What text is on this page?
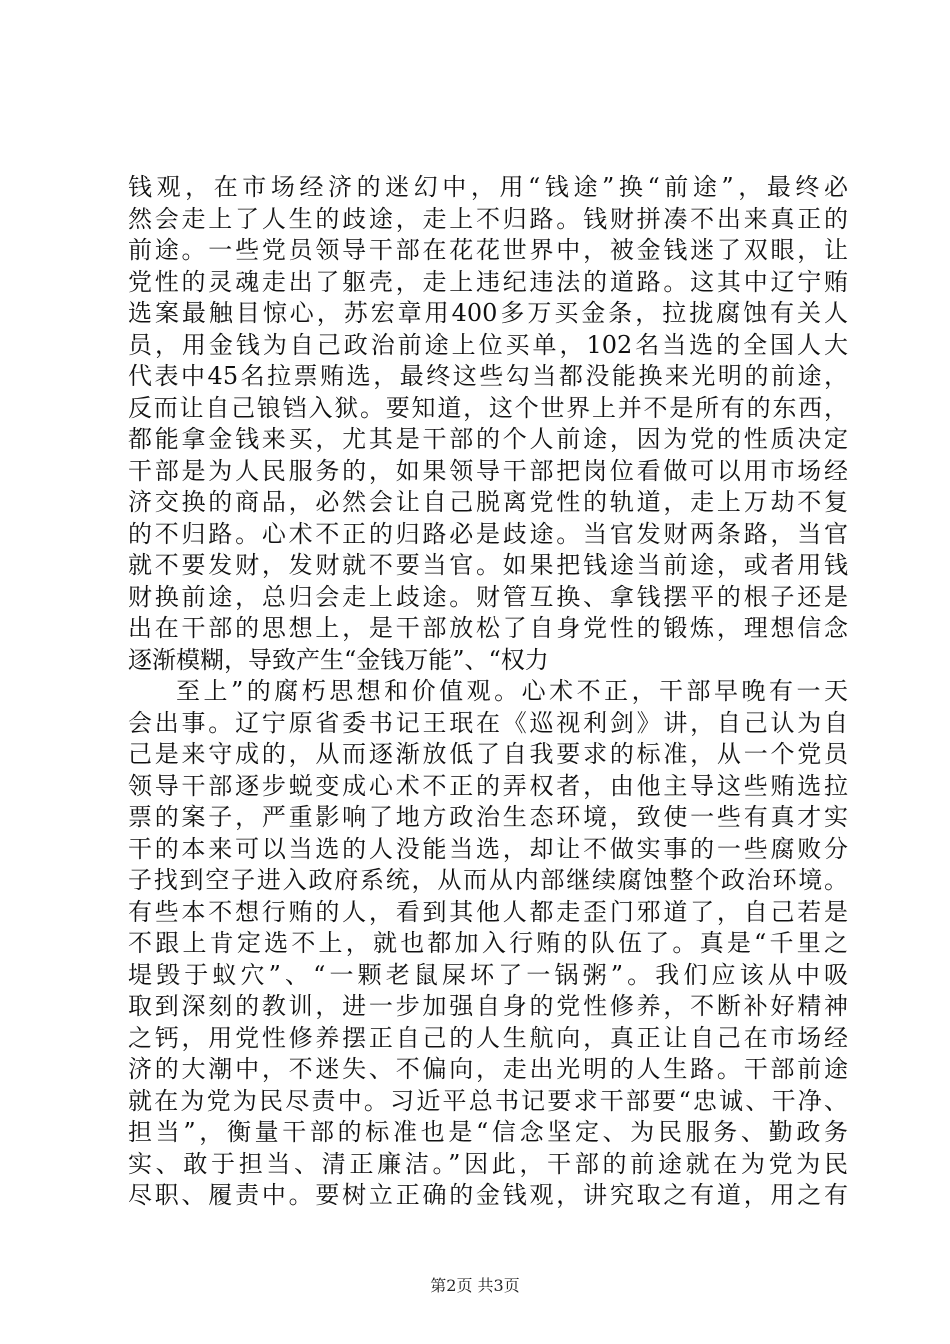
钱观，在市场经济的迷幻中，用“钱途”换“前途”，最终必
然会走上了人生的歧途，走上不归路。钱财拼凑不出来真正的
前途。一些党员领导干部在花花世界中，被金钱迷了双眼，让
党性的灵魂走出了躯壳，走上违纪违法的道路。这其中辽宁贿
选案最触目惊心，苏宏章用400多万买金条，拉拢腐蚀有关人
员，用金钱为自己政治前途上位买单，102名当选的全国人大
代表中45名拉票贿选，最终这些勾当都没能换来光明的前途，
反而让自己锒铛入狱。要知道，这个世界上并不是所有的东西，
都能拿金钱来买，尤其是干部的个人前途，因为党的性质决定
干部是为人民服务的，如果领导干部把岗位看做可以用市场经
济交换的商品，必然会让自己脱离党性的轨道，走上万劫不复
的不归路。心术不正的归路必是歧途。当官发财两条路，当官
就不要发财，发财就不要当官。如果把钱途当前途，或者用钱
财换前途，总归会走上歧途。财管互换、拿钱摆平的根子还是
出在干部的思想上，是干部放松了自身党性的锻炼，理想信念
逐渐模糊，导致产生“金钱万能”、“权力
至上”的腐朽思想和价值观。心术不正，干部早晚有一天
会出事。辽宁原省委书记王珉在《巡视利剑》讲，自己认为自
己是来守成的，从而逐渐放低了自我要求的标准，从一个党员
领导干部逐步蜕变成心术不正的弄权者，由他主导这些贿选拉
票的案子，严重影响了地方政治生态环境，致使一些有真才实
干的本来可以当选的人没能当选，却让不做实事的一些腐败分
子找到空子进入政府系统，从而从内部继续腐蚀整个政治环境。
有些本不想行贿的人，看到其他人都走歪门邪道了，自己若是
不跟上肯定选不上，就也都加入行贿的队伍了。真是“千里之
堤毁于蚁穴”、“一颗老鼠屎坏了一锅粥”。我们应该从中吸
取到深刻的教训，进一步加强自身的党性修养，不断补好精神
之钙，用党性修养摆正自己的人生航向，真正让自己在市场经
济的大潮中，不迷失、不偏向，走出光明的人生路。干部前途
就在为党为民尽责中。习近平总书记要求干部要“忠诚、干净、
担当”，衡量干部的标准也是“信念坚定、为民服务、勤政务
实、敢于担当、清正廉洁。”因此，干部的前途就在为党为民
尽职、履责中。要树立正确的金钱观，讲究取之有道，用之有
第2页 共3页
